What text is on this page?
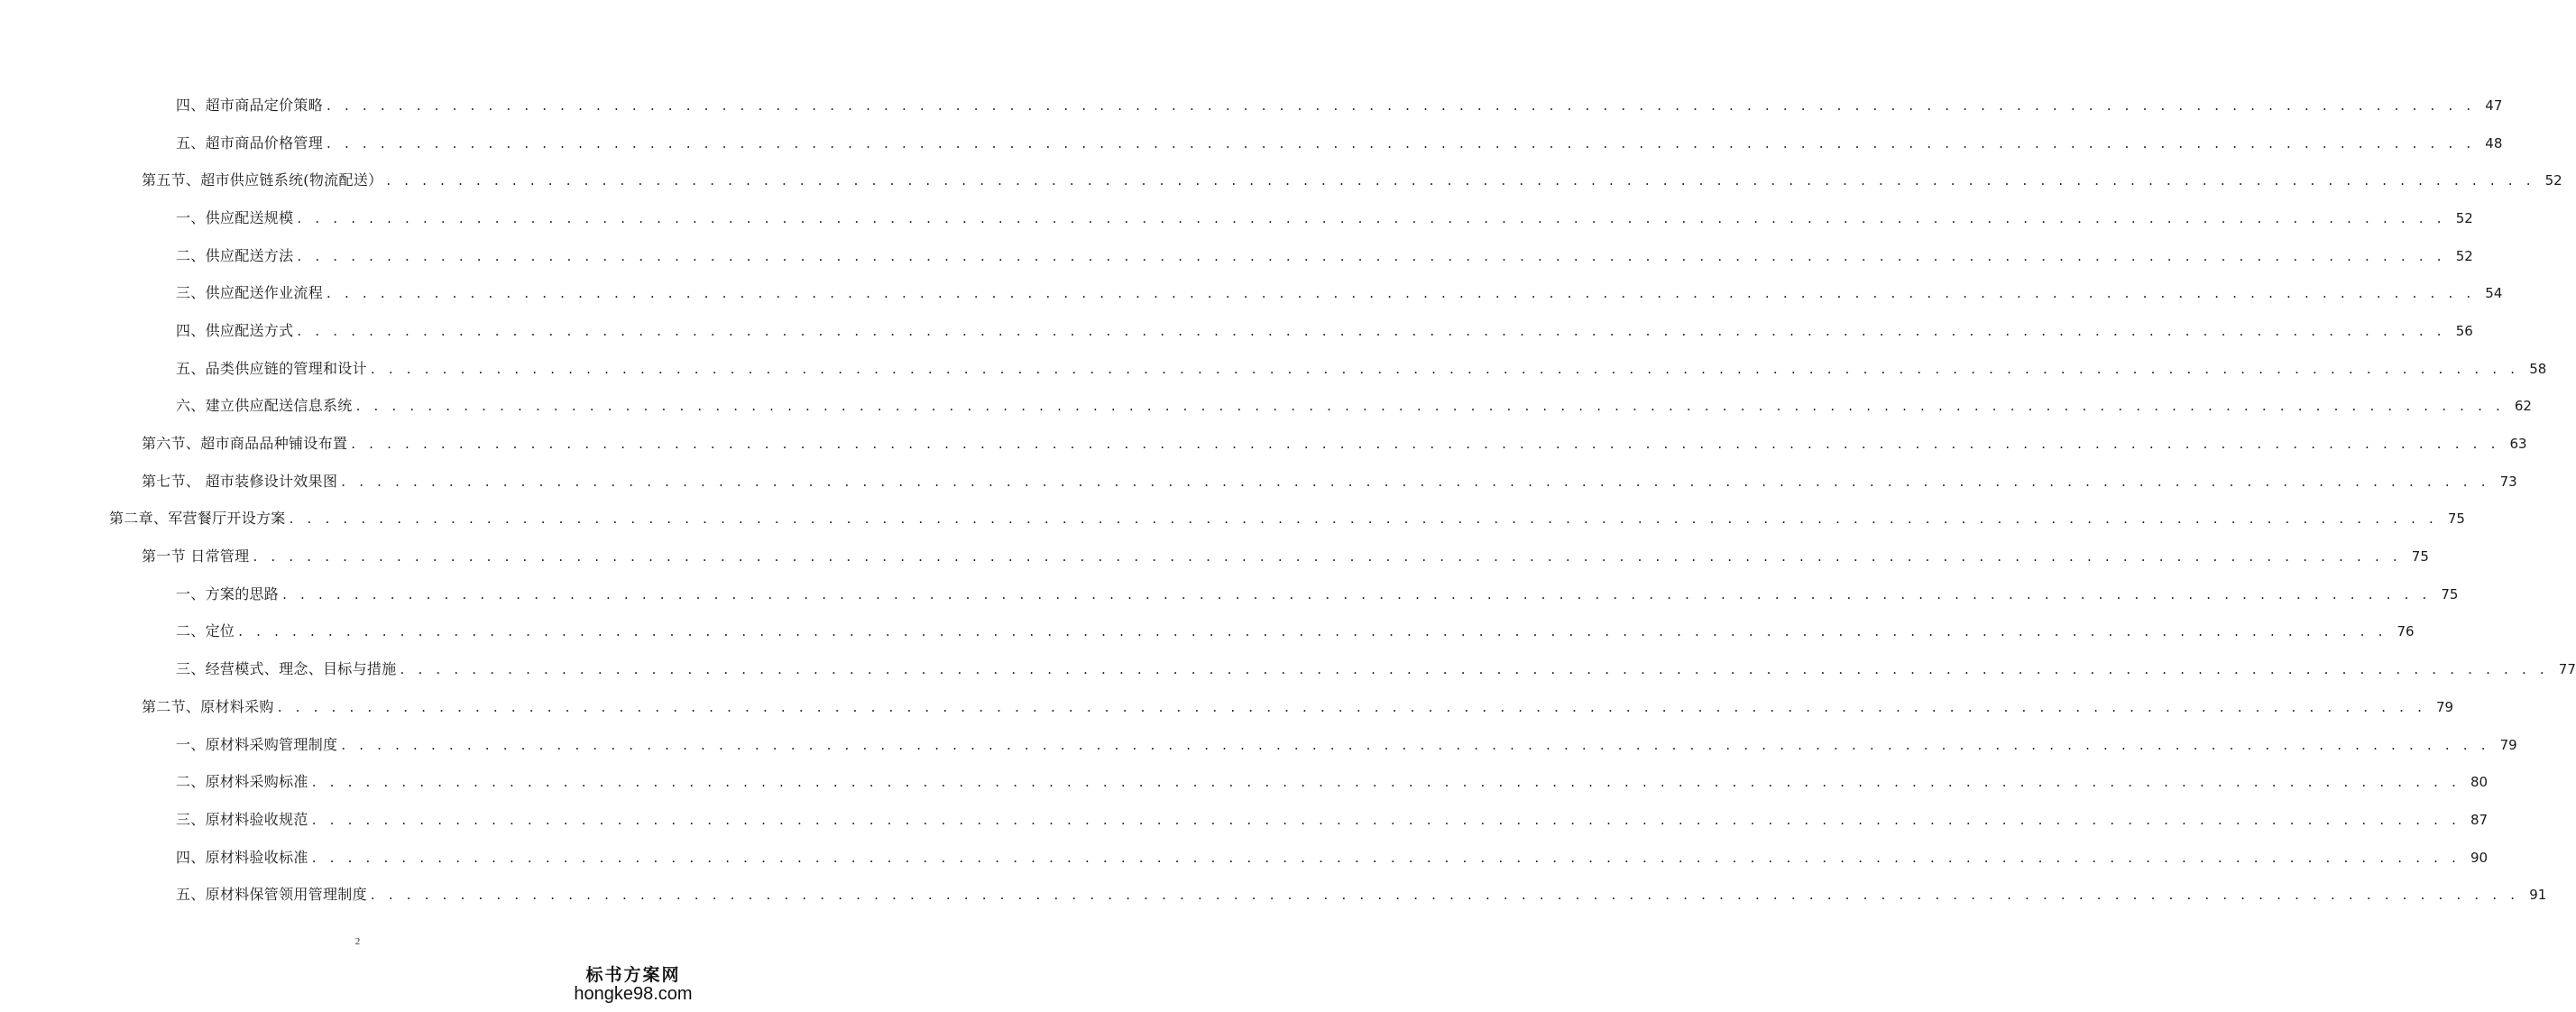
四、超市商品定价策略 . . . . . . . . . . . . . . . . . . . . . . . . . . . . . . . . . . . . . . . . . . . . . . . . . . . . . . . . . . . . . . . . . . . . . . . . . . . . . . . . . . . . . . . . . . . . . . . . . . . . . . . . . . . . . . . . . . . . . . . . 47
五、超市商品价格管理 . . . . . . . . . . . . . . . . . . . . . . . . . . . . . . . . . . . . . . . . . . . . . . . . . . . . . . . . . . . . . . . . . . . . . . . . . . . . . . . . . . . . . . . . . . . . . . . . . . . . . . . . . . . . . . . . . . . . . . . . 48
第五节、超市供应链系统(物流配送） . . . . . . . . . . . . . . . . . . . . . . . . . . . . . . . . . . . . . . . . . . . . . . . . . . . . . . . . . . . . . . . . . . . . . . . . . . . . . . . . . . . . . . . . . . . . . . . . . . . . . . . . . . . . . . . . . . . . . . . . 52
一、供应配送规模 . . . . . . . . . . . . . . . . . . . . . . . . . . . . . . . . . . . . . . . . . . . . . . . . . . . . . . . . . . . . . . . . . . . . . . . . . . . . . . . . . . . . . . . . . . . . . . . . . . . . . . . . . . . . . . . . . . . . . . . . 52
二、供应配送方法 . . . . . . . . . . . . . . . . . . . . . . . . . . . . . . . . . . . . . . . . . . . . . . . . . . . . . . . . . . . . . . . . . . . . . . . . . . . . . . . . . . . . . . . . . . . . . . . . . . . . . . . . . . . . . . . . . . . . . . . . 52
三、供应配送作业流程 . . . . . . . . . . . . . . . . . . . . . . . . . . . . . . . . . . . . . . . . . . . . . . . . . . . . . . . . . . . . . . . . . . . . . . . . . . . . . . . . . . . . . . . . . . . . . . . . . . . . . . . . . . . . . . . . . . . . . . . . 54
四、供应配送方式 . . . . . . . . . . . . . . . . . . . . . . . . . . . . . . . . . . . . . . . . . . . . . . . . . . . . . . . . . . . . . . . . . . . . . . . . . . . . . . . . . . . . . . . . . . . . . . . . . . . . . . . . . . . . . . . . . . . . . . . . 56
五、品类供应链的管理和设计 . . . . . . . . . . . . . . . . . . . . . . . . . . . . . . . . . . . . . . . . . . . . . . . . . . . . . . . . . . . . . . . . . . . . . . . . . . . . . . . . . . . . . . . . . . . . . . . . . . . . . . . . . . . . . . . . . . . . . . . . 58
六、建立供应配送信息系统 . . . . . . . . . . . . . . . . . . . . . . . . . . . . . . . . . . . . . . . . . . . . . . . . . . . . . . . . . . . . . . . . . . . . . . . . . . . . . . . . . . . . . . . . . . . . . . . . . . . . . . . . . . . . . . . . . . . . . . . . 62
第六节、超市商品品种铺设布置 . . . . . . . . . . . . . . . . . . . . . . . . . . . . . . . . . . . . . . . . . . . . . . . . . . . . . . . . . . . . . . . . . . . . . . . . . . . . . . . . . . . . . . . . . . . . . . . . . . . . . . . . . . . . . . . . . . . . . . . . 63
第七节、 超市装修设计效果图 . . . . . . . . . . . . . . . . . . . . . . . . . . . . . . . . . . . . . . . . . . . . . . . . . . . . . . . . . . . . . . . . . . . . . . . . . . . . . . . . . . . . . . . . . . . . . . . . . . . . . . . . . . . . . . . . . . . . . . . . 73
第二章、军营餐厅开设方案 . . . . . . . . . . . . . . . . . . . . . . . . . . . . . . . . . . . . . . . . . . . . . . . . . . . . . . . . . . . . . . . . . . . . . . . . . . . . . . . . . . . . . . . . . . . . . . . . . . . . . . . . . . . . . . . . . . . . . . . . 75
第一节 日常管理 . . . . . . . . . . . . . . . . . . . . . . . . . . . . . . . . . . . . . . . . . . . . . . . . . . . . . . . . . . . . . . . . . . . . . . . . . . . . . . . . . . . . . . . . . . . . . . . . . . . . . . . . . . . . . . . . . . . . . . . . 75
一、方案的思路 . . . . . . . . . . . . . . . . . . . . . . . . . . . . . . . . . . . . . . . . . . . . . . . . . . . . . . . . . . . . . . . . . . . . . . . . . . . . . . . . . . . . . . . . . . . . . . . . . . . . . . . . . . . . . . . . . . . . . . . . 75
二、定位 . . . . . . . . . . . . . . . . . . . . . . . . . . . . . . . . . . . . . . . . . . . . . . . . . . . . . . . . . . . . . . . . . . . . . . . . . . . . . . . . . . . . . . . . . . . . . . . . . . . . . . . . . . . . . . . . . . . . . . . . 76
三、经营模式、理念、目标与措施 . . . . . . . . . . . . . . . . . . . . . . . . . . . . . . . . . . . . . . . . . . . . . . . . . . . . . . . . . . . . . . . . . . . . . . . . . . . . . . . . . . . . . . . . . . . . . . . . . . . . . . . . . . . . . . . . . . . . . . . . 77
第二节、原材料采购 . . . . . . . . . . . . . . . . . . . . . . . . . . . . . . . . . . . . . . . . . . . . . . . . . . . . . . . . . . . . . . . . . . . . . . . . . . . . . . . . . . . . . . . . . . . . . . . . . . . . . . . . . . . . . . . . . . . . . . . . 79
一、原材料采购管理制度 . . . . . . . . . . . . . . . . . . . . . . . . . . . . . . . . . . . . . . . . . . . . . . . . . . . . . . . . . . . . . . . . . . . . . . . . . . . . . . . . . . . . . . . . . . . . . . . . . . . . . . . . . . . . . . . . . . . . . . . . 79
二、原材料采购标准 . . . . . . . . . . . . . . . . . . . . . . . . . . . . . . . . . . . . . . . . . . . . . . . . . . . . . . . . . . . . . . . . . . . . . . . . . . . . . . . . . . . . . . . . . . . . . . . . . . . . . . . . . . . . . . . . . . . . . . . . 80
三、原材料验收规范 . . . . . . . . . . . . . . . . . . . . . . . . . . . . . . . . . . . . . . . . . . . . . . . . . . . . . . . . . . . . . . . . . . . . . . . . . . . . . . . . . . . . . . . . . . . . . . . . . . . . . . . . . . . . . . . . . . . . . . . . 87
四、原材料验收标准 . . . . . . . . . . . . . . . . . . . . . . . . . . . . . . . . . . . . . . . . . . . . . . . . . . . . . . . . . . . . . . . . . . . . . . . . . . . . . . . . . . . . . . . . . . . . . . . . . . . . . . . . . . . . . . . . . . . . . . . . 90
五、原材料保管领用管理制度 . . . . . . . . . . . . . . . . . . . . . . . . . . . . . . . . . . . . . . . . . . . . . . . . . . . . . . . . . . . . . . . . . . . . . . . . . . . . . . . . . . . . . . . . . . . . . . . . . . . . . . . . . . . . . . . . . . . . . . . . 91
2
标书方案网
hongke98.com
